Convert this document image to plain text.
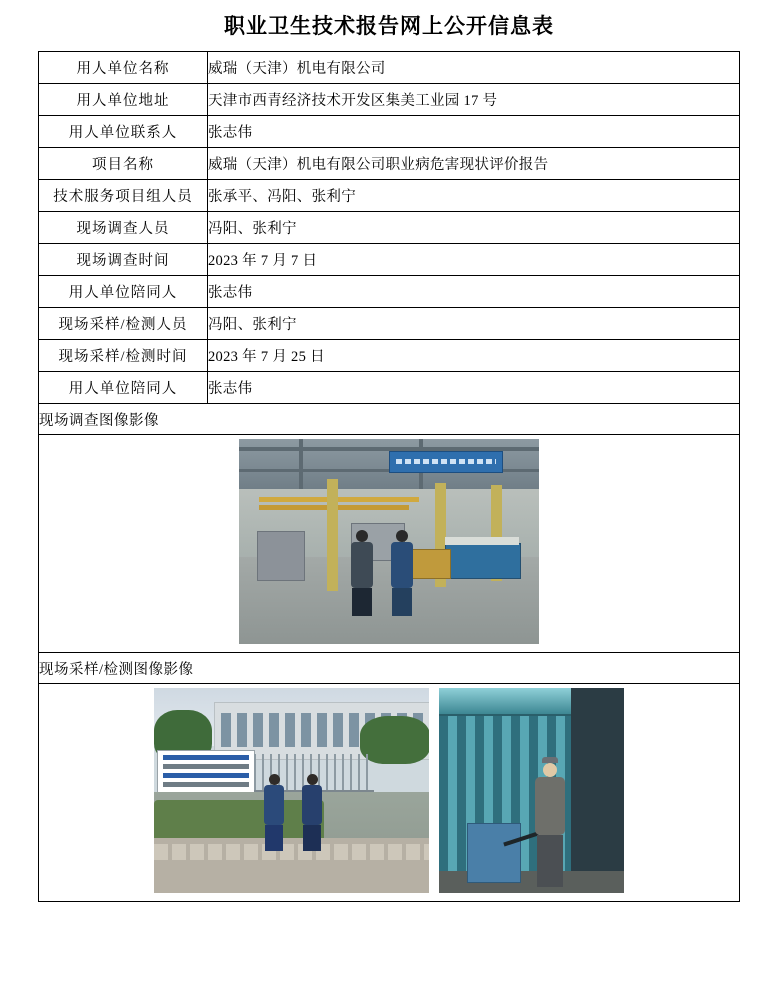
职业卫生技术报告网上公开信息表
用人单位名称	威瑞（天津）机电有限公司
用人单位地址	天津市西青经济技术开发区集美工业园 17 号
用人单位联系人	张志伟
项目名称	威瑞（天津）机电有限公司职业病危害现状评价报告
技术服务项目组人员	张承平、冯阳、张利宁
现场调查人员	冯阳、张利宁
现场调查时间	2023 年 7 月 7 日
用人单位陪同人	张志伟
现场采样/检测人员	冯阳、张利宁
现场采样/检测时间	2023 年 7 月 25 日
用人单位陪同人	张志伟
现场调查图像影像	

现场采样/检测图像影像	
